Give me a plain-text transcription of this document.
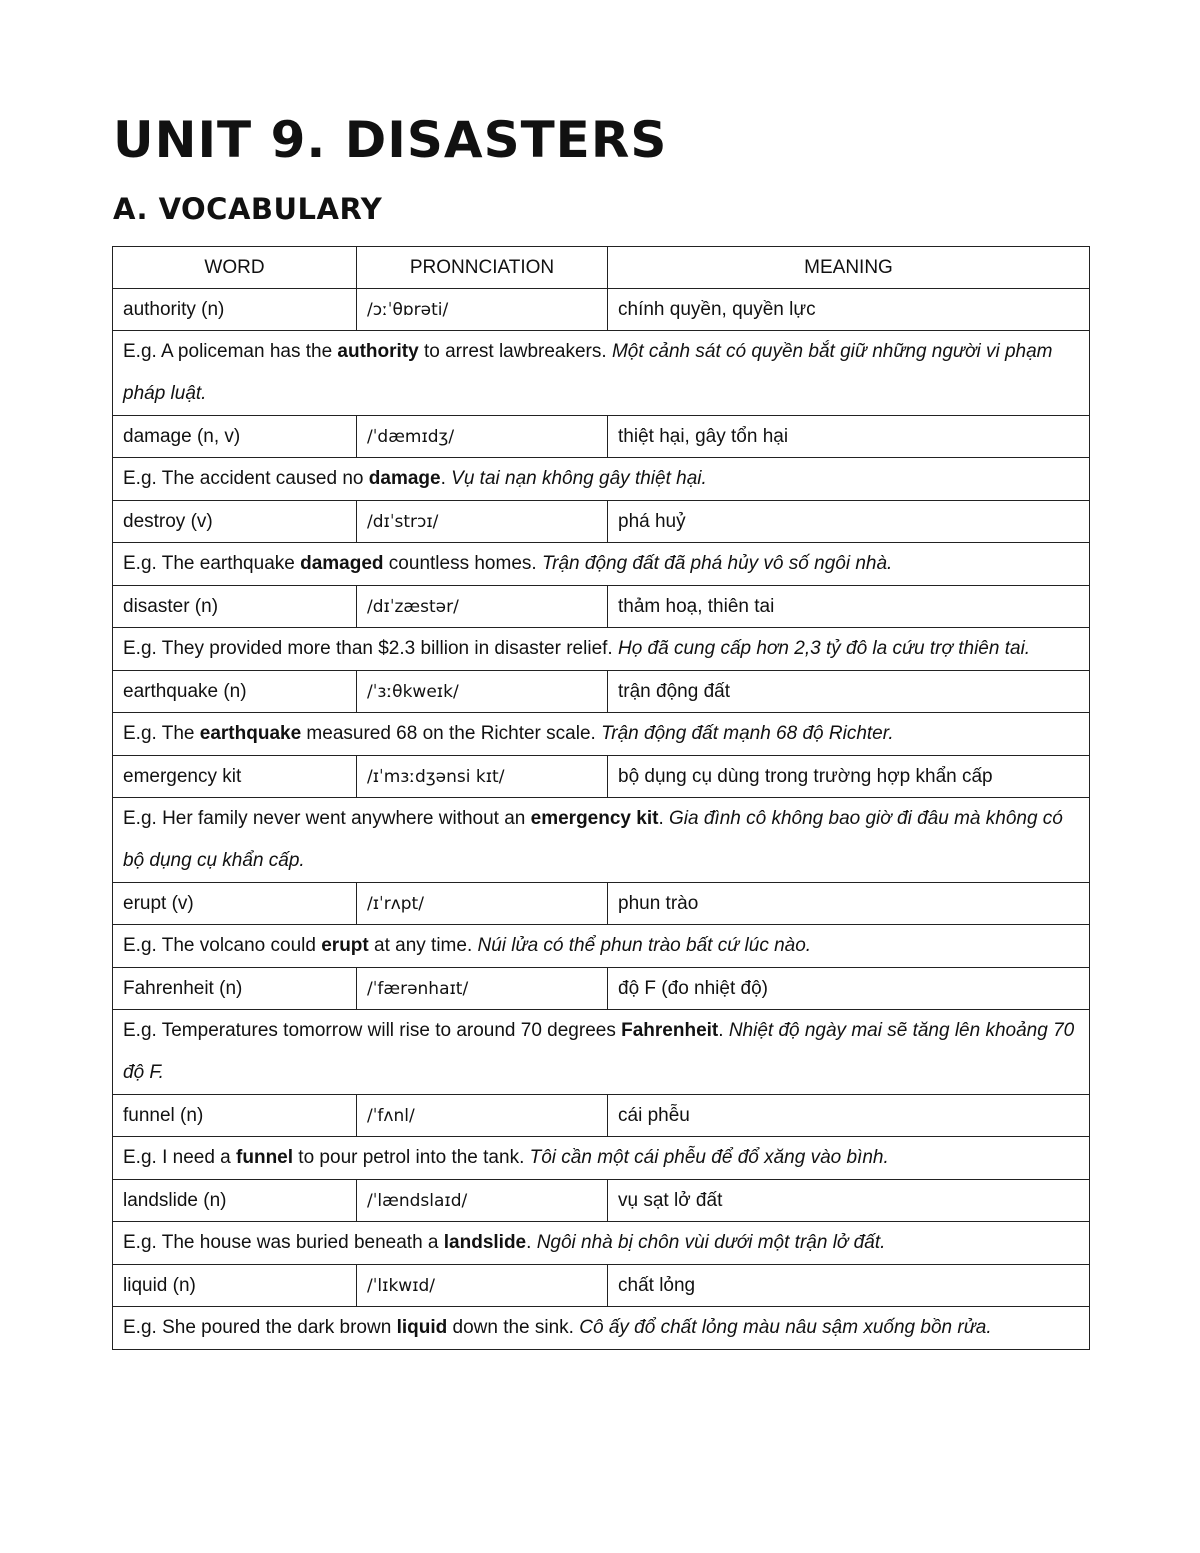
UNIT 9. DISASTERS
A. VOCABULARY
WORD	PRONNCIATION	MEANING
authority (n)	/ɔːˈθɒrəti/	chính quyền, quyền lực
E.g. A policeman has the authority to arrest lawbreakers. Một cảnh sát có quyền bắt giữ những người vi phạm pháp luật.		
damage (n, v)	/ˈdæmɪdʒ/	thiệt hại, gây tổn hại
E.g. The accident caused no damage. Vụ tai nạn không gây thiệt hại.		
destroy (v)	/dɪˈstrɔɪ/	phá huỷ
E.g. The earthquake damaged countless homes. Trận động đất đã phá hủy vô số ngôi nhà.		
disaster (n)	/dɪˈzæstər/	thảm hoạ, thiên tai
E.g. They provided more than $2.3 billion in disaster relief. Họ đã cung cấp hơn 2,3 tỷ đô la cứu trợ thiên tai.		
earthquake (n)	/ˈɜːθkweɪk/	trận động đất
E.g. The earthquake measured 68 on the Richter scale. Trận động đất mạnh 68 độ Richter.		
emergency kit	/ɪˈmɜːdʒənsi kɪt/	bộ dụng cụ dùng trong trường hợp khẩn cấp
E.g. Her family never went anywhere without an emergency kit. Gia đình cô không bao giờ đi đâu mà không có bộ dụng cụ khẩn cấp.		
erupt (v)	/ɪˈrʌpt/	phun trào
E.g. The volcano could erupt at any time. Núi lửa có thể phun trào bất cứ lúc nào.		
Fahrenheit (n)	/ˈfærənhaɪt/	độ F (đo nhiệt độ)
E.g. Temperatures tomorrow will rise to around 70 degrees Fahrenheit. Nhiệt độ ngày mai sẽ tăng lên khoảng 70 độ F.		
funnel (n)	/ˈfʌnl/	cái phễu
E.g. I need a funnel to pour petrol into the tank. Tôi cần một cái phễu để đổ xăng vào bình.		
landslide (n)	/ˈlændslaɪd/	vụ sạt lở đất
E.g. The house was buried beneath a landslide. Ngôi nhà bị chôn vùi dưới một trận lở đất.		
liquid (n)	/ˈlɪkwɪd/	chất lỏng
E.g. She poured the dark brown liquid down the sink. Cô ấy đổ chất lỏng màu nâu sậm xuống bồn rửa.		
